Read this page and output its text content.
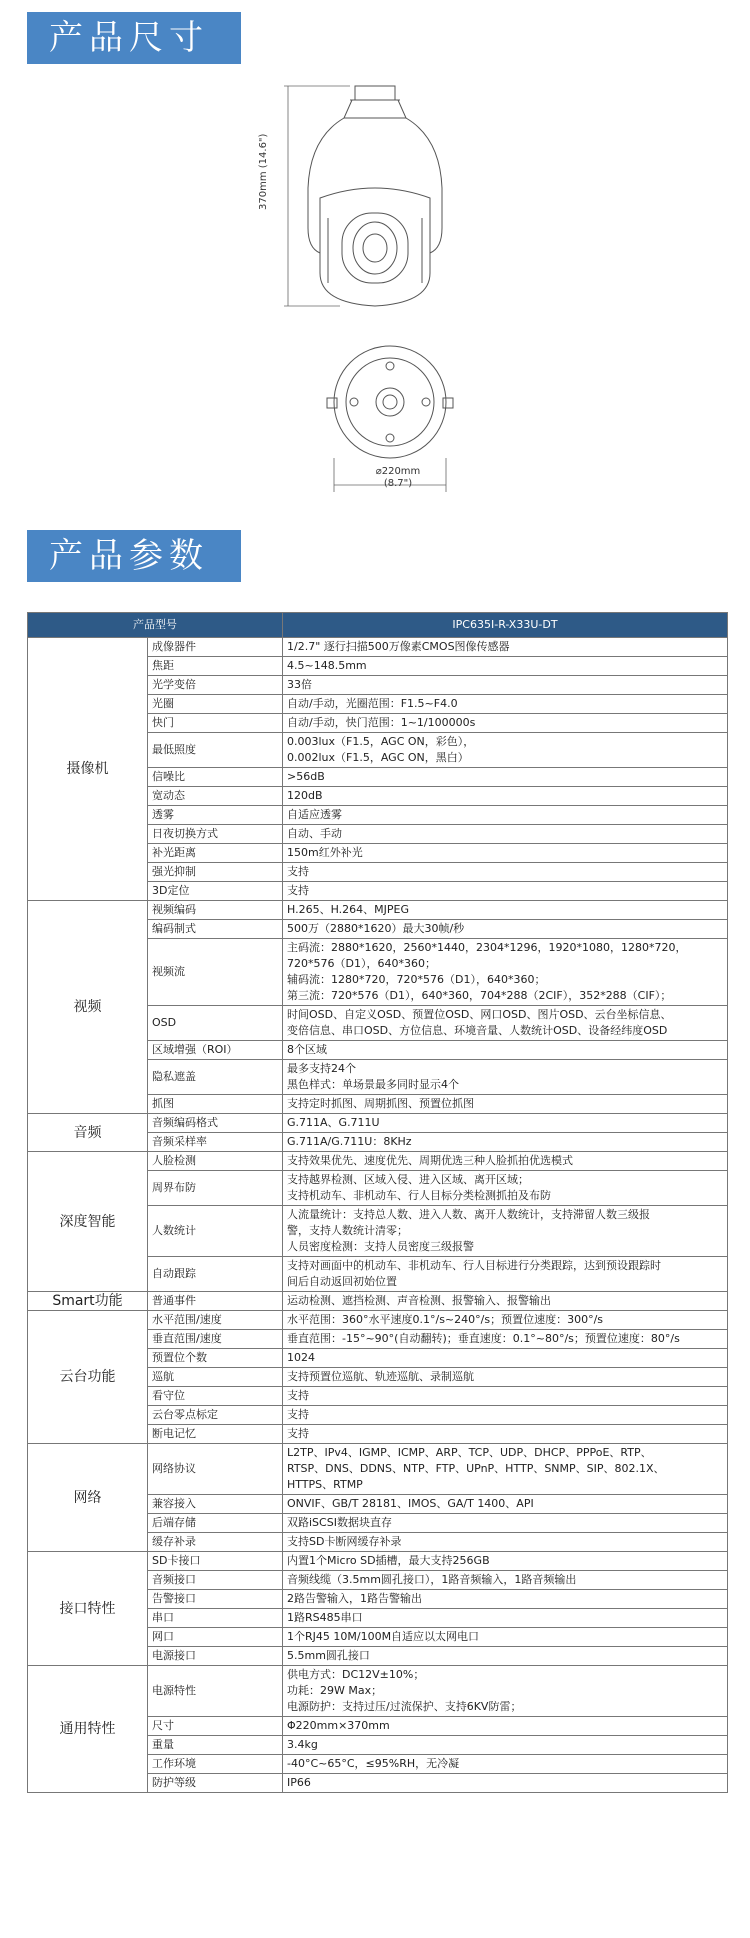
产品尺寸
370mm (14.6")
⌀220mm
(8.7")
产品参数
产品型号		IPC635I-R-X33U-DT
摄像机	成像器件	1/2.7" 逐行扫描500万像素CMOS图像传感器

	焦距	4.5~148.5mm

	光学变倍	33倍

	光圈	自动/手动，光圈范围：F1.5~F4.0

	快门	自动/手动，快门范围：1~1/100000s

	最低照度	0.003lux（F1.5，AGC ON，彩色），
0.002lux（F1.5，AGC ON，黑白）

	信噪比	>56dB

	宽动态	120dB

	透雾	自适应透雾

	日夜切换方式	自动、手动

	补光距离	150m红外补光

	强光抑制	支持

	3D定位	支持

视频	视频编码	H.265、H.264、MJPEG

	编码制式	500万（2880*1620）最大30帧/秒

	视频流	主码流：2880*1620，2560*1440，2304*1296，1920*1080，1280*720，
720*576（D1），640*360；
辅码流：1280*720，720*576（D1），640*360；
第三流：720*576（D1），640*360，704*288（2CIF），352*288（CIF）；

	OSD	时间OSD、自定义OSD、预置位OSD、网口OSD、图片OSD、云台坐标信息、
变倍信息、串口OSD、方位信息、环境音量、人数统计OSD、设备经纬度OSD

	区域增强（ROI）	8个区域

	隐私遮盖	最多支持24个
黑色样式：单场景最多同时显示4个

	抓图	支持定时抓图、周期抓图、预置位抓图

音频	音频编码格式	G.711A、G.711U

	音频采样率	G.711A/G.711U：8KHz

深度智能	人脸检测	支持效果优先、速度优先、周期优选三种人脸抓拍优选模式

	周界布防	支持越界检测、区域入侵、进入区域、离开区域；
支持机动车、非机动车、行人目标分类检测抓拍及布防

	人数统计	人流量统计：支持总人数、进入人数、离开人数统计，支持滞留人数三级报
警，支持人数统计清零；
人员密度检测：支持人员密度三级报警

	自动跟踪	支持对画面中的机动车、非机动车、行人目标进行分类跟踪，达到预设跟踪时
间后自动返回初始位置

Smart功能	普通事件	运动检测、遮挡检测、声音检测、报警输入、报警输出

云台功能	水平范围/速度	水平范围：360°水平速度0.1°/s~240°/s；预置位速度：300°/s

	垂直范围/速度	垂直范围：-15°~90°(自动翻转)；垂直速度：0.1°~80°/s；预置位速度：80°/s

	预置位个数	1024

	巡航	支持预置位巡航、轨迹巡航、录制巡航

	看守位	支持

	云台零点标定	支持

	断电记忆	支持

网络	网络协议	L2TP、IPv4、IGMP、ICMP、ARP、TCP、UDP、DHCP、PPPoE、RTP、
RTSP、DNS、DDNS、NTP、FTP、UPnP、HTTP、SNMP、SIP、802.1X、
HTTPS、RTMP

	兼容接入	ONVIF、GB/T 28181、IMOS、GA/T 1400、API

	后端存储	双路iSCSI数据块直存

	缓存补录	支持SD卡断网缓存补录

接口特性	SD卡接口	内置1个Micro SD插槽，最大支持256GB

	音频接口	音频线缆（3.5mm圆孔接口），1路音频输入，1路音频输出

	告警接口	2路告警输入，1路告警输出

	串口	1路RS485串口

	网口	1个RJ45 10M/100M自适应以太网电口

	电源接口	5.5mm圆孔接口

通用特性	电源特性	供电方式：DC12V±10%；
功耗：29W Max；
电源防护：支持过压/过流保护、支持6KV防雷；

	尺寸	Φ220mm×370mm

	重量	3.4kg

	工作环境	-40°C~65°C，≤95%RH，无冷凝

	防护等级	IP66
